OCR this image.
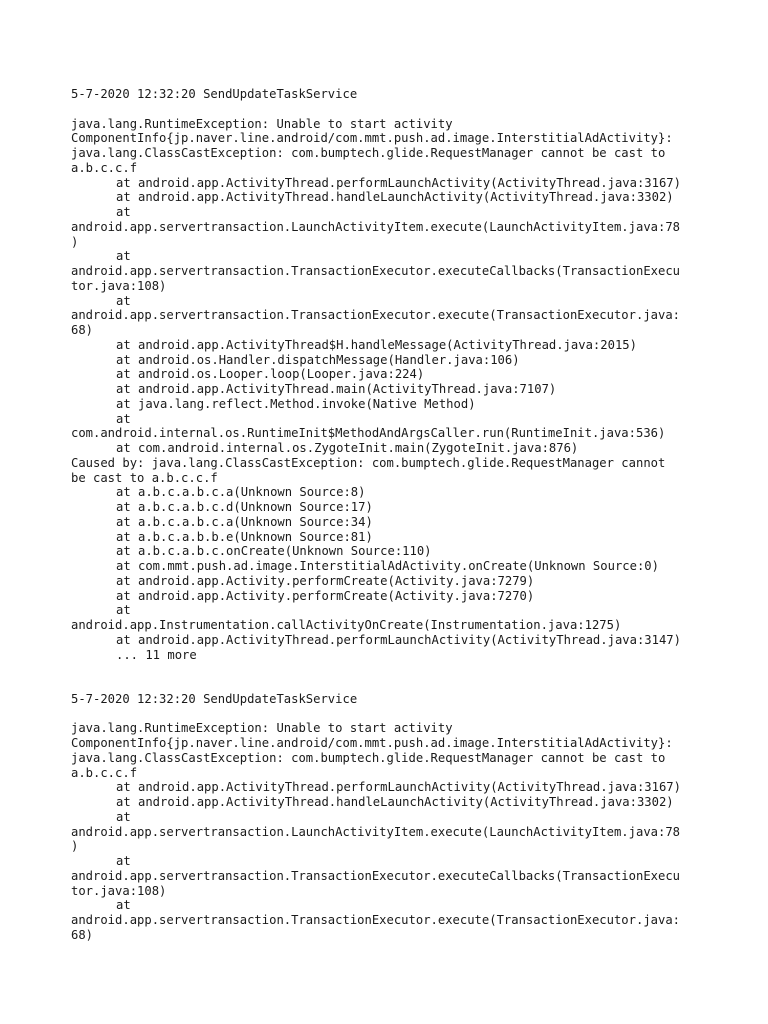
5-7-2020 12:32:20 SendUpdateTaskService
java.lang.RuntimeException: Unable to start activity
ComponentInfo{jp.naver.line.android/com.mmt.push.ad.image.InterstitialAdActivity}:
java.lang.ClassCastException: com.bumptech.glide.RequestManager cannot be cast to
a.b.c.c.f
at android.app.ActivityThread.performLaunchActivity(ActivityThread.java:3167)
at android.app.ActivityThread.handleLaunchActivity(ActivityThread.java:3302)
at
android.app.servertransaction.LaunchActivityItem.execute(LaunchActivityItem.java:78
)
at
android.app.servertransaction.TransactionExecutor.executeCallbacks(TransactionExecu
tor.java:108)
at
android.app.servertransaction.TransactionExecutor.execute(TransactionExecutor.java:
68)
at android.app.ActivityThread$H.handleMessage(ActivityThread.java:2015)
at android.os.Handler.dispatchMessage(Handler.java:106)
at android.os.Looper.loop(Looper.java:224)
at android.app.ActivityThread.main(ActivityThread.java:7107)
at java.lang.reflect.Method.invoke(Native Method)
at
com.android.internal.os.RuntimeInit$MethodAndArgsCaller.run(RuntimeInit.java:536)
at com.android.internal.os.ZygoteInit.main(ZygoteInit.java:876)
Caused by: java.lang.ClassCastException: com.bumptech.glide.RequestManager cannot
be cast to a.b.c.c.f
at a.b.c.a.b.c.a(Unknown Source:8)
at a.b.c.a.b.c.d(Unknown Source:17)
at a.b.c.a.b.c.a(Unknown Source:34)
at a.b.c.a.b.b.e(Unknown Source:81)
at a.b.c.a.b.c.onCreate(Unknown Source:110)
at com.mmt.push.ad.image.InterstitialAdActivity.onCreate(Unknown Source:0)
at android.app.Activity.performCreate(Activity.java:7279)
at android.app.Activity.performCreate(Activity.java:7270)
at
android.app.Instrumentation.callActivityOnCreate(Instrumentation.java:1275)
at android.app.ActivityThread.performLaunchActivity(ActivityThread.java:3147)
... 11 more
5-7-2020 12:32:20 SendUpdateTaskService
java.lang.RuntimeException: Unable to start activity
ComponentInfo{jp.naver.line.android/com.mmt.push.ad.image.InterstitialAdActivity}:
java.lang.ClassCastException: com.bumptech.glide.RequestManager cannot be cast to
a.b.c.c.f
at android.app.ActivityThread.performLaunchActivity(ActivityThread.java:3167)
at android.app.ActivityThread.handleLaunchActivity(ActivityThread.java:3302)
at
android.app.servertransaction.LaunchActivityItem.execute(LaunchActivityItem.java:78
)
at
android.app.servertransaction.TransactionExecutor.executeCallbacks(TransactionExecu
tor.java:108)
at
android.app.servertransaction.TransactionExecutor.execute(TransactionExecutor.java:
68)
